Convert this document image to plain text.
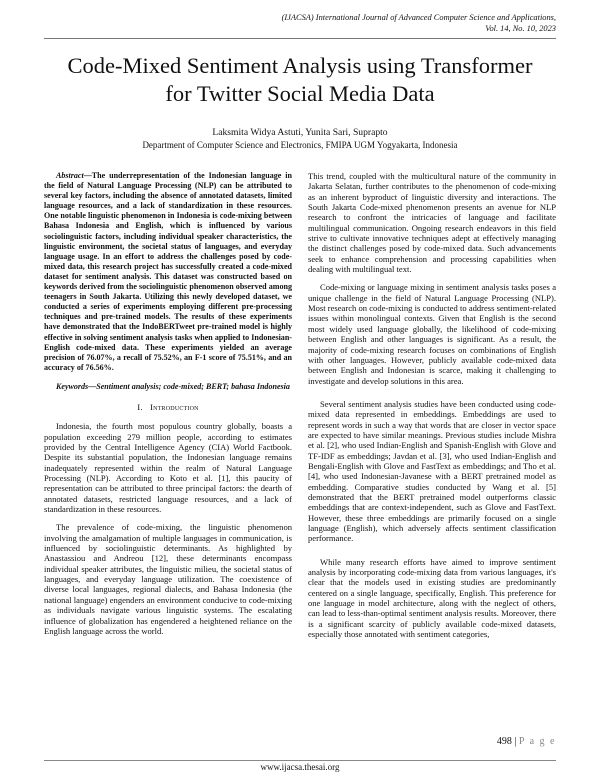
(IJACSA) International Journal of Advanced Computer Science and Applications,
Vol. 14, No. 10, 2023
Code-Mixed Sentiment Analysis using Transformer
for Twitter Social Media Data
Laksmita Widya Astuti, Yunita Sari, Suprapto
Department of Computer Science and Electronics, FMIPA UGM Yogyakarta, Indonesia

Abstract—The underrepresentation of the Indonesian language in the field of Natural Language Processing (NLP) can be attributed to several key factors, including the absence of annotated datasets, limited language resources, and a lack of standardization in these resources. One notable linguistic phenomenon in Indonesia is code-mixing between Bahasa Indonesia and English, which is influenced by various sociolinguistic factors, including individual speaker characteristics, the linguistic environment, the societal status of languages, and everyday language usage. In an effort to address the challenges posed by code-mixed data, this research project has successfully created a code-mixed dataset for sentiment analysis. This dataset was constructed based on keywords derived from the sociolinguistic phenomenon observed among teenagers in South Jakarta. Utilizing this newly developed dataset, we conducted a series of experiments employing different pre-processing techniques and pre-trained models. The results of these experiments have demonstrated that the IndoBERTweet pre-trained model is highly effective in solving sentiment analysis tasks when applied to Indonesian-English code-mixed data. These experiments yielded an average precision of 76.07%, a recall of 75.52%, an F-1 score of 75.51%, and an accuracy of 76.56%.

Keywords—Sentiment analysis; code-mixed; BERT; bahasa Indonesia

I. Introduction

Indonesia, the fourth most populous country globally, boasts a population exceeding 279 million people, according to estimates provided by the Central Intelligence Agency (CIA) World Factbook. Despite its substantial population, the Indonesian language remains inadequately represented within the realm of Natural Language Processing (NLP). According to Koto et al. [1], this paucity of representation can be attributed to three principal factors: the dearth of annotated datasets, restricted language resources, and a lack of standardization in these resources.

The prevalence of code-mixing, the linguistic phenomenon involving the amalgamation of multiple languages in communication, is influenced by sociolinguistic determinants. As highlighted by Anastassiou and Andreou [12], these determinants encompass individual speaker attributes, the linguistic milieu, the societal status of languages, and everyday language utilization. The coexistence of diverse local languages, regional dialects, and Bahasa Indonesia (the national language) engenders an environment conducive to code-mixing as individuals navigate various linguistic systems. The escalating influence of globalization has engendered a heightened reliance on the English language across the world.

This trend, coupled with the multicultural nature of the community in Jakarta Selatan, further contributes to the phenomenon of code-mixing as an inherent byproduct of linguistic diversity and interactions. The South Jakarta Code-mixed phenomenon presents an avenue for NLP research to confront the intricacies of language and facilitate multilingual communication. Ongoing research endeavors in this field strive to cultivate innovative techniques adept at effectively managing the distinct challenges posed by code-mixed data. Such advancements seek to enhance comprehension and processing capabilities when dealing with multilingual text.

Code-mixing or language mixing in sentiment analysis tasks poses a unique challenge in the field of Natural Language Processing (NLP). Most research on code-mixing is conducted to address sentiment-related issues within monolingual contexts. Given that English is the second most widely used language globally, the likelihood of code-mixing between English and other languages is significant. As a result, the majority of code-mixing research focuses on combinations of English with other languages. However, publicly available code-mixed data between English and Indonesian is scarce, making it challenging to investigate and develop solutions in this area.

Several sentiment analysis studies have been conducted using code-mixed data represented in embeddings. Embeddings are used to represent words in such a way that words that are closer in vector space are expected to have similar meanings. Previous studies include Mishra et al. [2], who used Indian-English and Spanish-English with Glove and TF-IDF as embeddings; Javdan et al. [3], who used Indian-English and Bengali-English with Glove and FastText as embeddings; and Tho et al. [4], who used Indonesian-Javanese with a BERT pretrained model as embedding. Comparative studies conducted by Wang et al. [5] demonstrated that the BERT pretrained model outperforms classic embeddings that are context-independent, such as Glove and FastText. However, these three embeddings are primarily focused on a single language (English), which adversely affects sentiment classification performance.

While many research efforts have aimed to improve sentiment analysis by incorporating code-mixing data from various languages, it's clear that the models used in existing studies are predominantly centered on a single language, specifically, English. This preference for one language in model architecture, along with the neglect of others, can lead to less-than-optimal sentiment analysis results. Moreover, there is a significant scarcity of publicly available code-mixed datasets, especially those annotated with sentiment categories,

498 | P a g e
www.ijacsa.thesai.org
